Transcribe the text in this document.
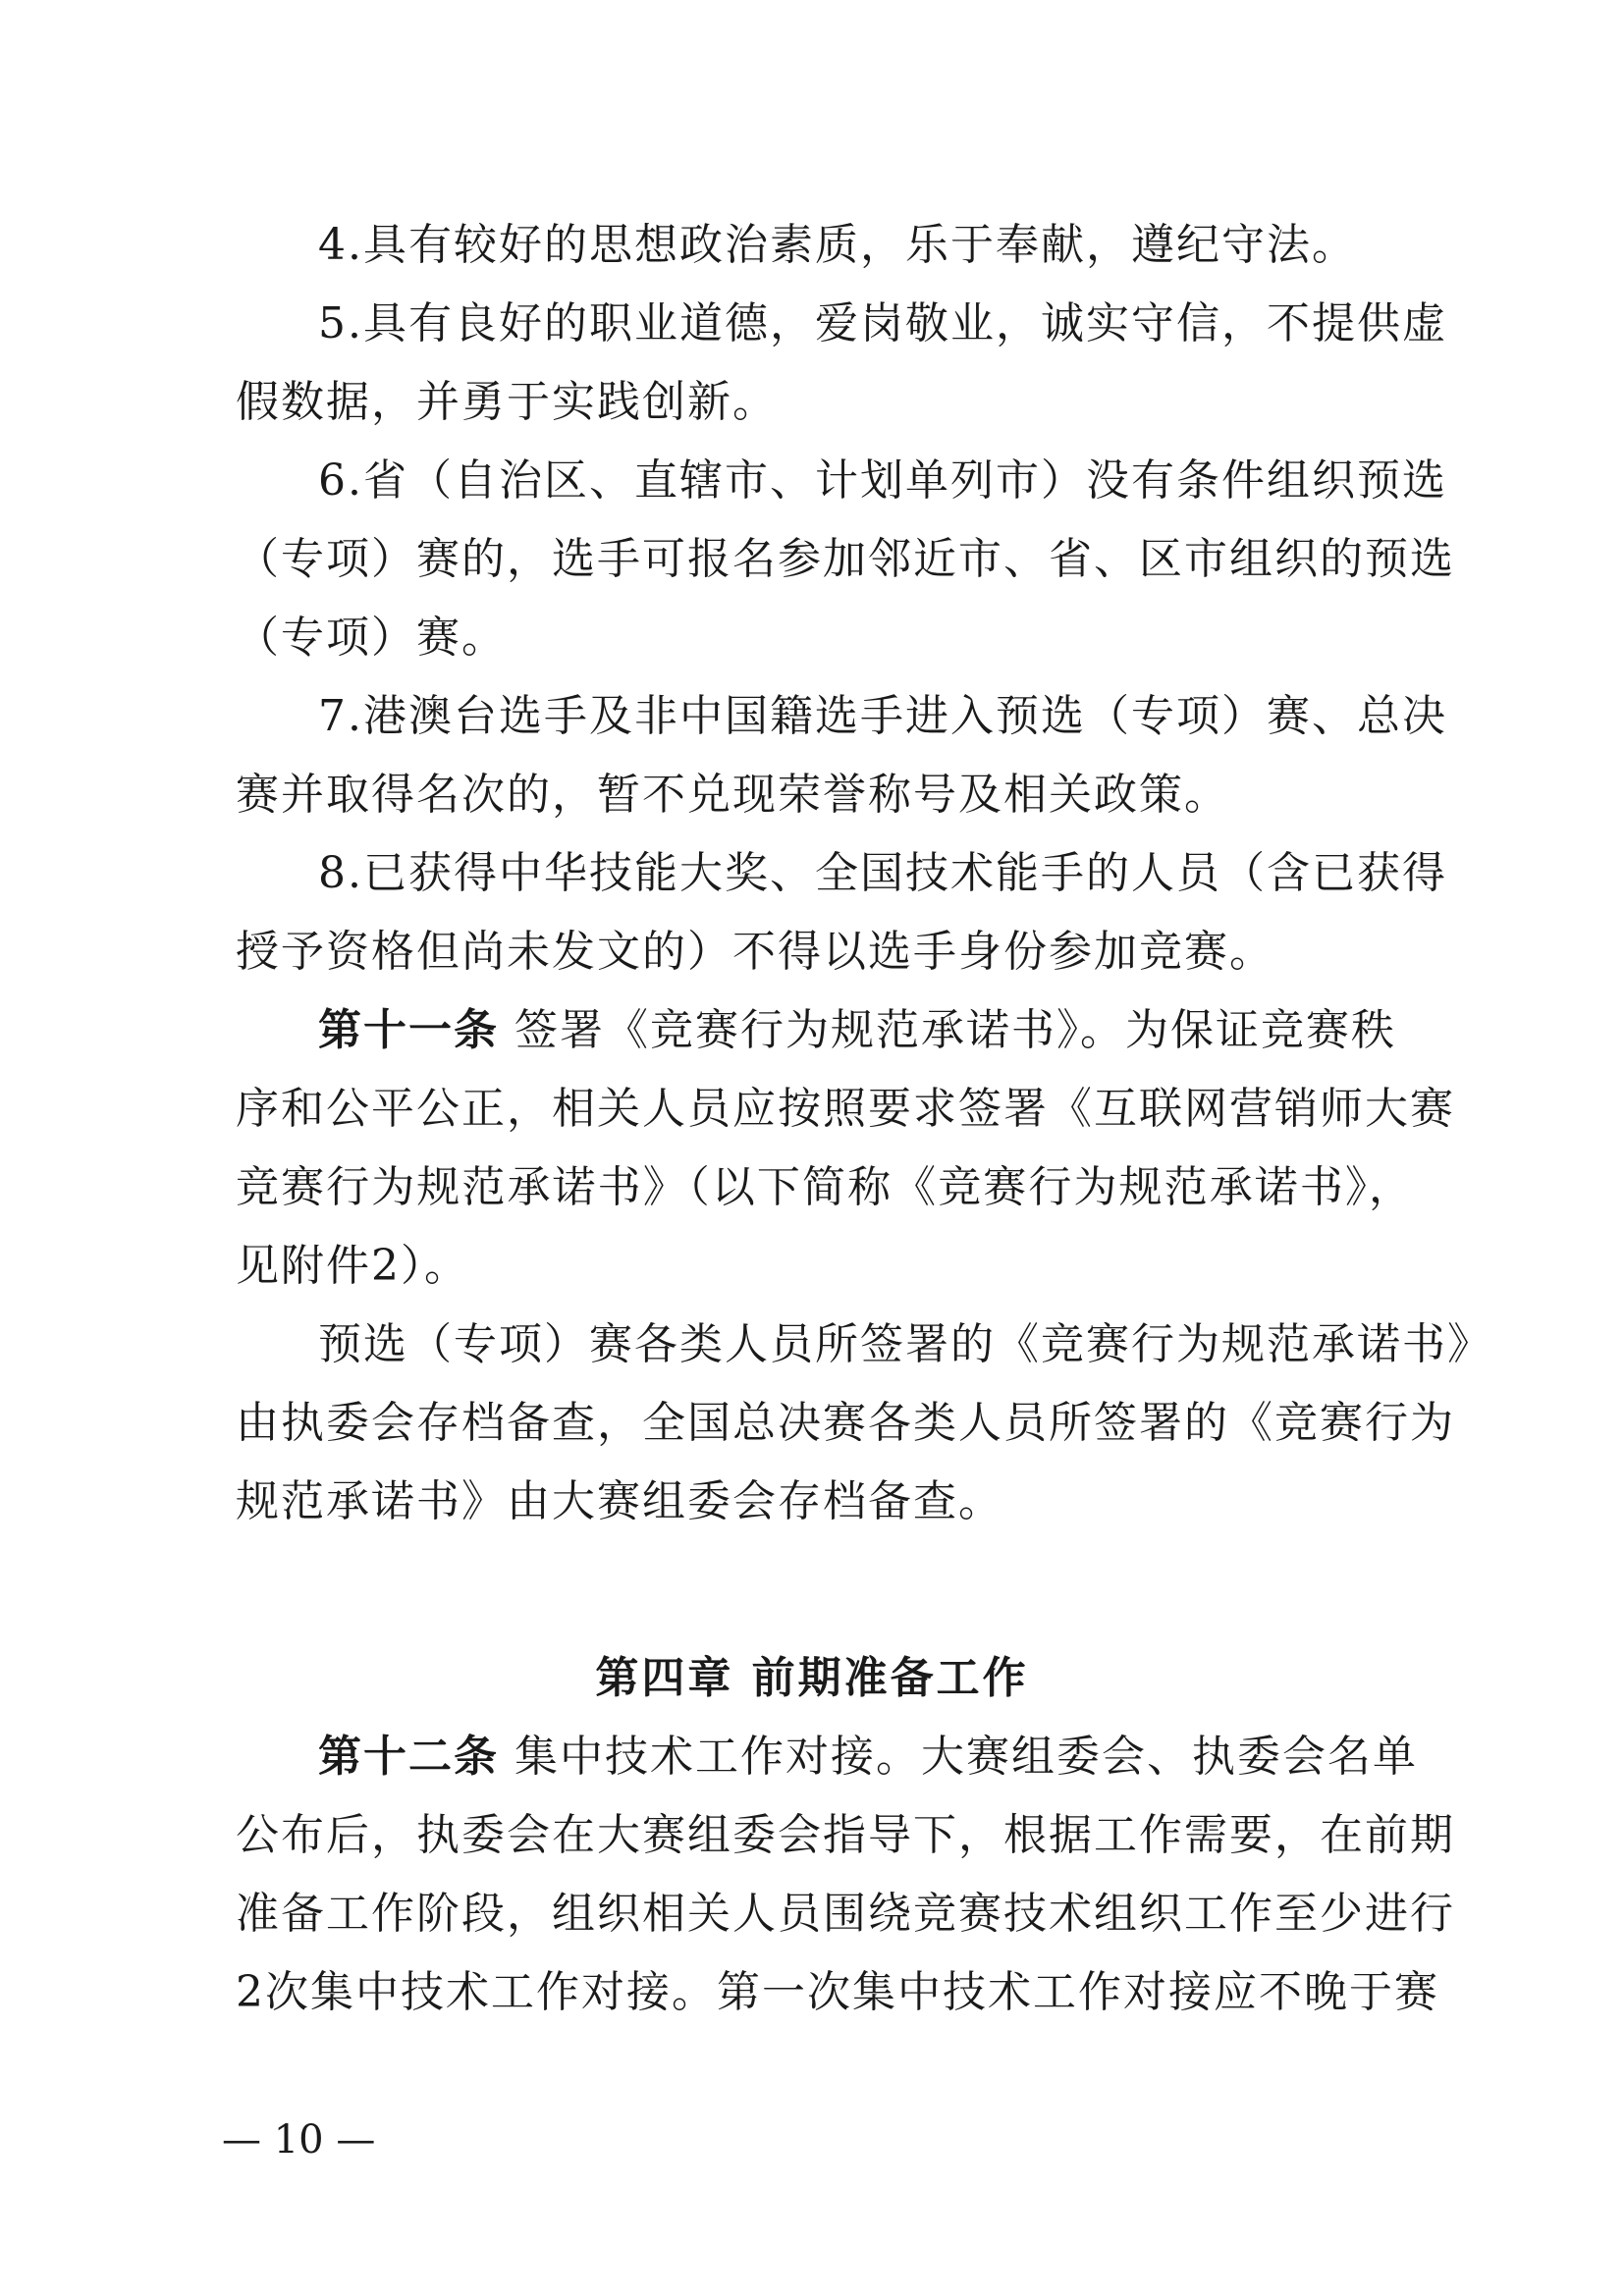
4.具有较好的思想政治素质，乐于奉献，遵纪守法。
5.具有良好的职业道德，爱岗敬业，诚实守信，不提供虚
假数据，并勇于实践创新。
6.省（自治区、直辖市、计划单列市）没有条件组织预选
（专项）赛的，选手可报名参加邻近市、省、区市组织的预选
（专项）赛。
7.港澳台选手及非中国籍选手进入预选（专项）赛、总决
赛并取得名次的，暂不兑现荣誉称号及相关政策。
8.已获得中华技能大奖、全国技术能手的人员（含已获得
授予资格但尚未发文的）不得以选手身份参加竞赛。
第十一条 签署《竞赛行为规范承诺书》。为保证竞赛秩
序和公平公正，相关人员应按照要求签署《互联网营销师大赛
竞赛行为规范承诺书》（以下简称《竞赛行为规范承诺书》，
见附件2）。
预选（专项）赛各类人员所签署的《竞赛行为规范承诺书》
由执委会存档备查，全国总决赛各类人员所签署的《竞赛行为
规范承诺书》由大赛组委会存档备查。
第四章 前期准备工作
第十二条 集中技术工作对接。大赛组委会、执委会名单
公布后，执委会在大赛组委会指导下，根据工作需要，在前期
准备工作阶段，组织相关人员围绕竞赛技术组织工作至少进行
2次集中技术工作对接。第一次集中技术工作对接应不晚于赛
— 10 —
